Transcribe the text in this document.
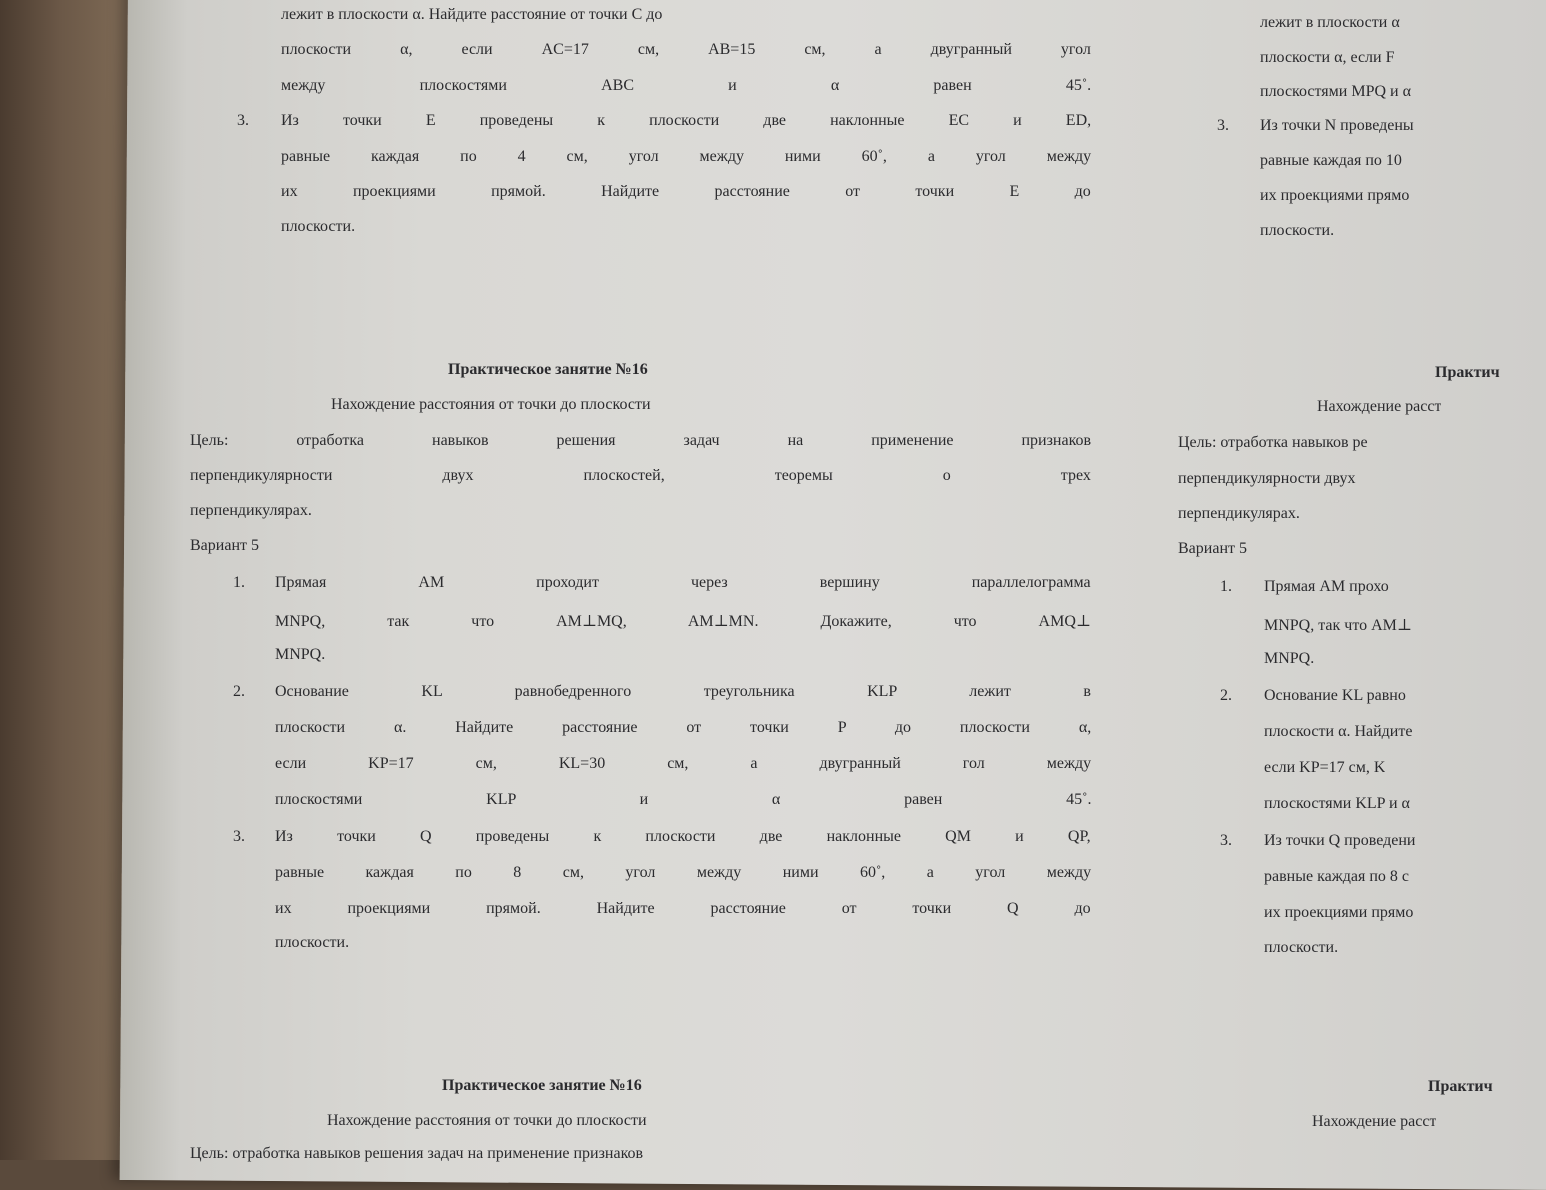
лежит в плоскости α. Найдите расстояние от точки C до
плоскости α, если AC=17 см, AB=15 см, а двугранный угол
между плоскостями ABC и α равен 45˚.
3. Из точки E проведены к плоскости две наклонные EC и ED,
равные каждая по 4 см, угол между ними 60˚, а угол между
их проекциями прямой. Найдите расстояние от точки E до
плоскости.
Практическое занятие №16
Нахождение расстояния от точки до плоскости
Цель: отработка навыков решения задач на применение признаков
перпендикулярности двух плоскостей, теоремы о трех
перпендикулярах.
Вариант 5
1. Прямая AM проходит через вершину параллелограмма
MNPQ, так что AM⊥MQ, AM⊥MN. Докажите, что AMQ⊥
MNPQ.
2. Основание KL равнобедренного треугольника KLP лежит в
плоскости α. Найдите расстояние от точки P до плоскости α,
если KP=17 см, KL=30 см, а двугранный гол между
плоскостями KLP и α равен 45˚.
3. Из точки Q проведены к плоскости две наклонные QM и QP,
равные каждая по 8 см, угол между ними 60˚, а угол между
их проекциями прямой. Найдите расстояние от точки Q до
плоскости.
Практическое занятие №16
Нахождение расстояния от точки до плоскости
Цель: отработка навыков решения задач на применение признаков
лежит в плоскости α
плоскости α, если F
плоскостями MPQ и α
3. Из точки N проведены
равные каждая по 10
их проекциями прямо
плоскости.
Практич
Нахождение расст
Цель: отработка навыков ре
перпендикулярности двух
перпендикулярах.
Вариант 5
1. Прямая AM прохо
MNPQ, так что AM⊥
MNPQ.
2. Основание KL равно
плоскости α. Найдите
если KP=17 см, K
плоскостями KLP и α
3. Из точки Q проведени
равные каждая по 8 с
их проекциями прямо
плоскости.
Практич
Нахождение расст
